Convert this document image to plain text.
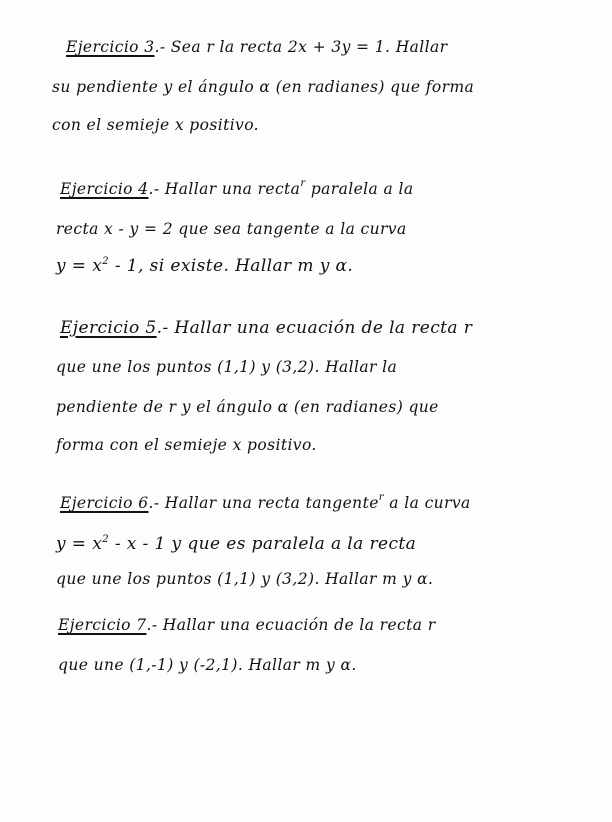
Ejercicio 3.- Sea r la recta 2x + 3y = 1. Hallar
su pendiente y el ángulo α (en radianes) que forma
con el semieje x positivo.
Ejercicio 4.- Hallar una recta$^r$ paralela a la
recta x - y = 2 que sea tangente a la curva
$y = x^2 - 1$, si existe. Hallar m y α.
Ejercicio 5.- Hallar una ecuación de la recta r
que une los puntos (1,1) y (3,2). Hallar la
pendiente de r y el ángulo α (en radianes) que
forma con el semieje x positivo.
Ejercicio 6.- Hallar una recta tangente$^r$ a la curva
$y = x^2 - x - 1$ y que es paralela a la recta
que une los puntos (1,1) y (3,2). Hallar m y α.
Ejercicio 7.- Hallar una ecuación de la recta r
que une (1,-1) y (-2,1). Hallar m y α.
